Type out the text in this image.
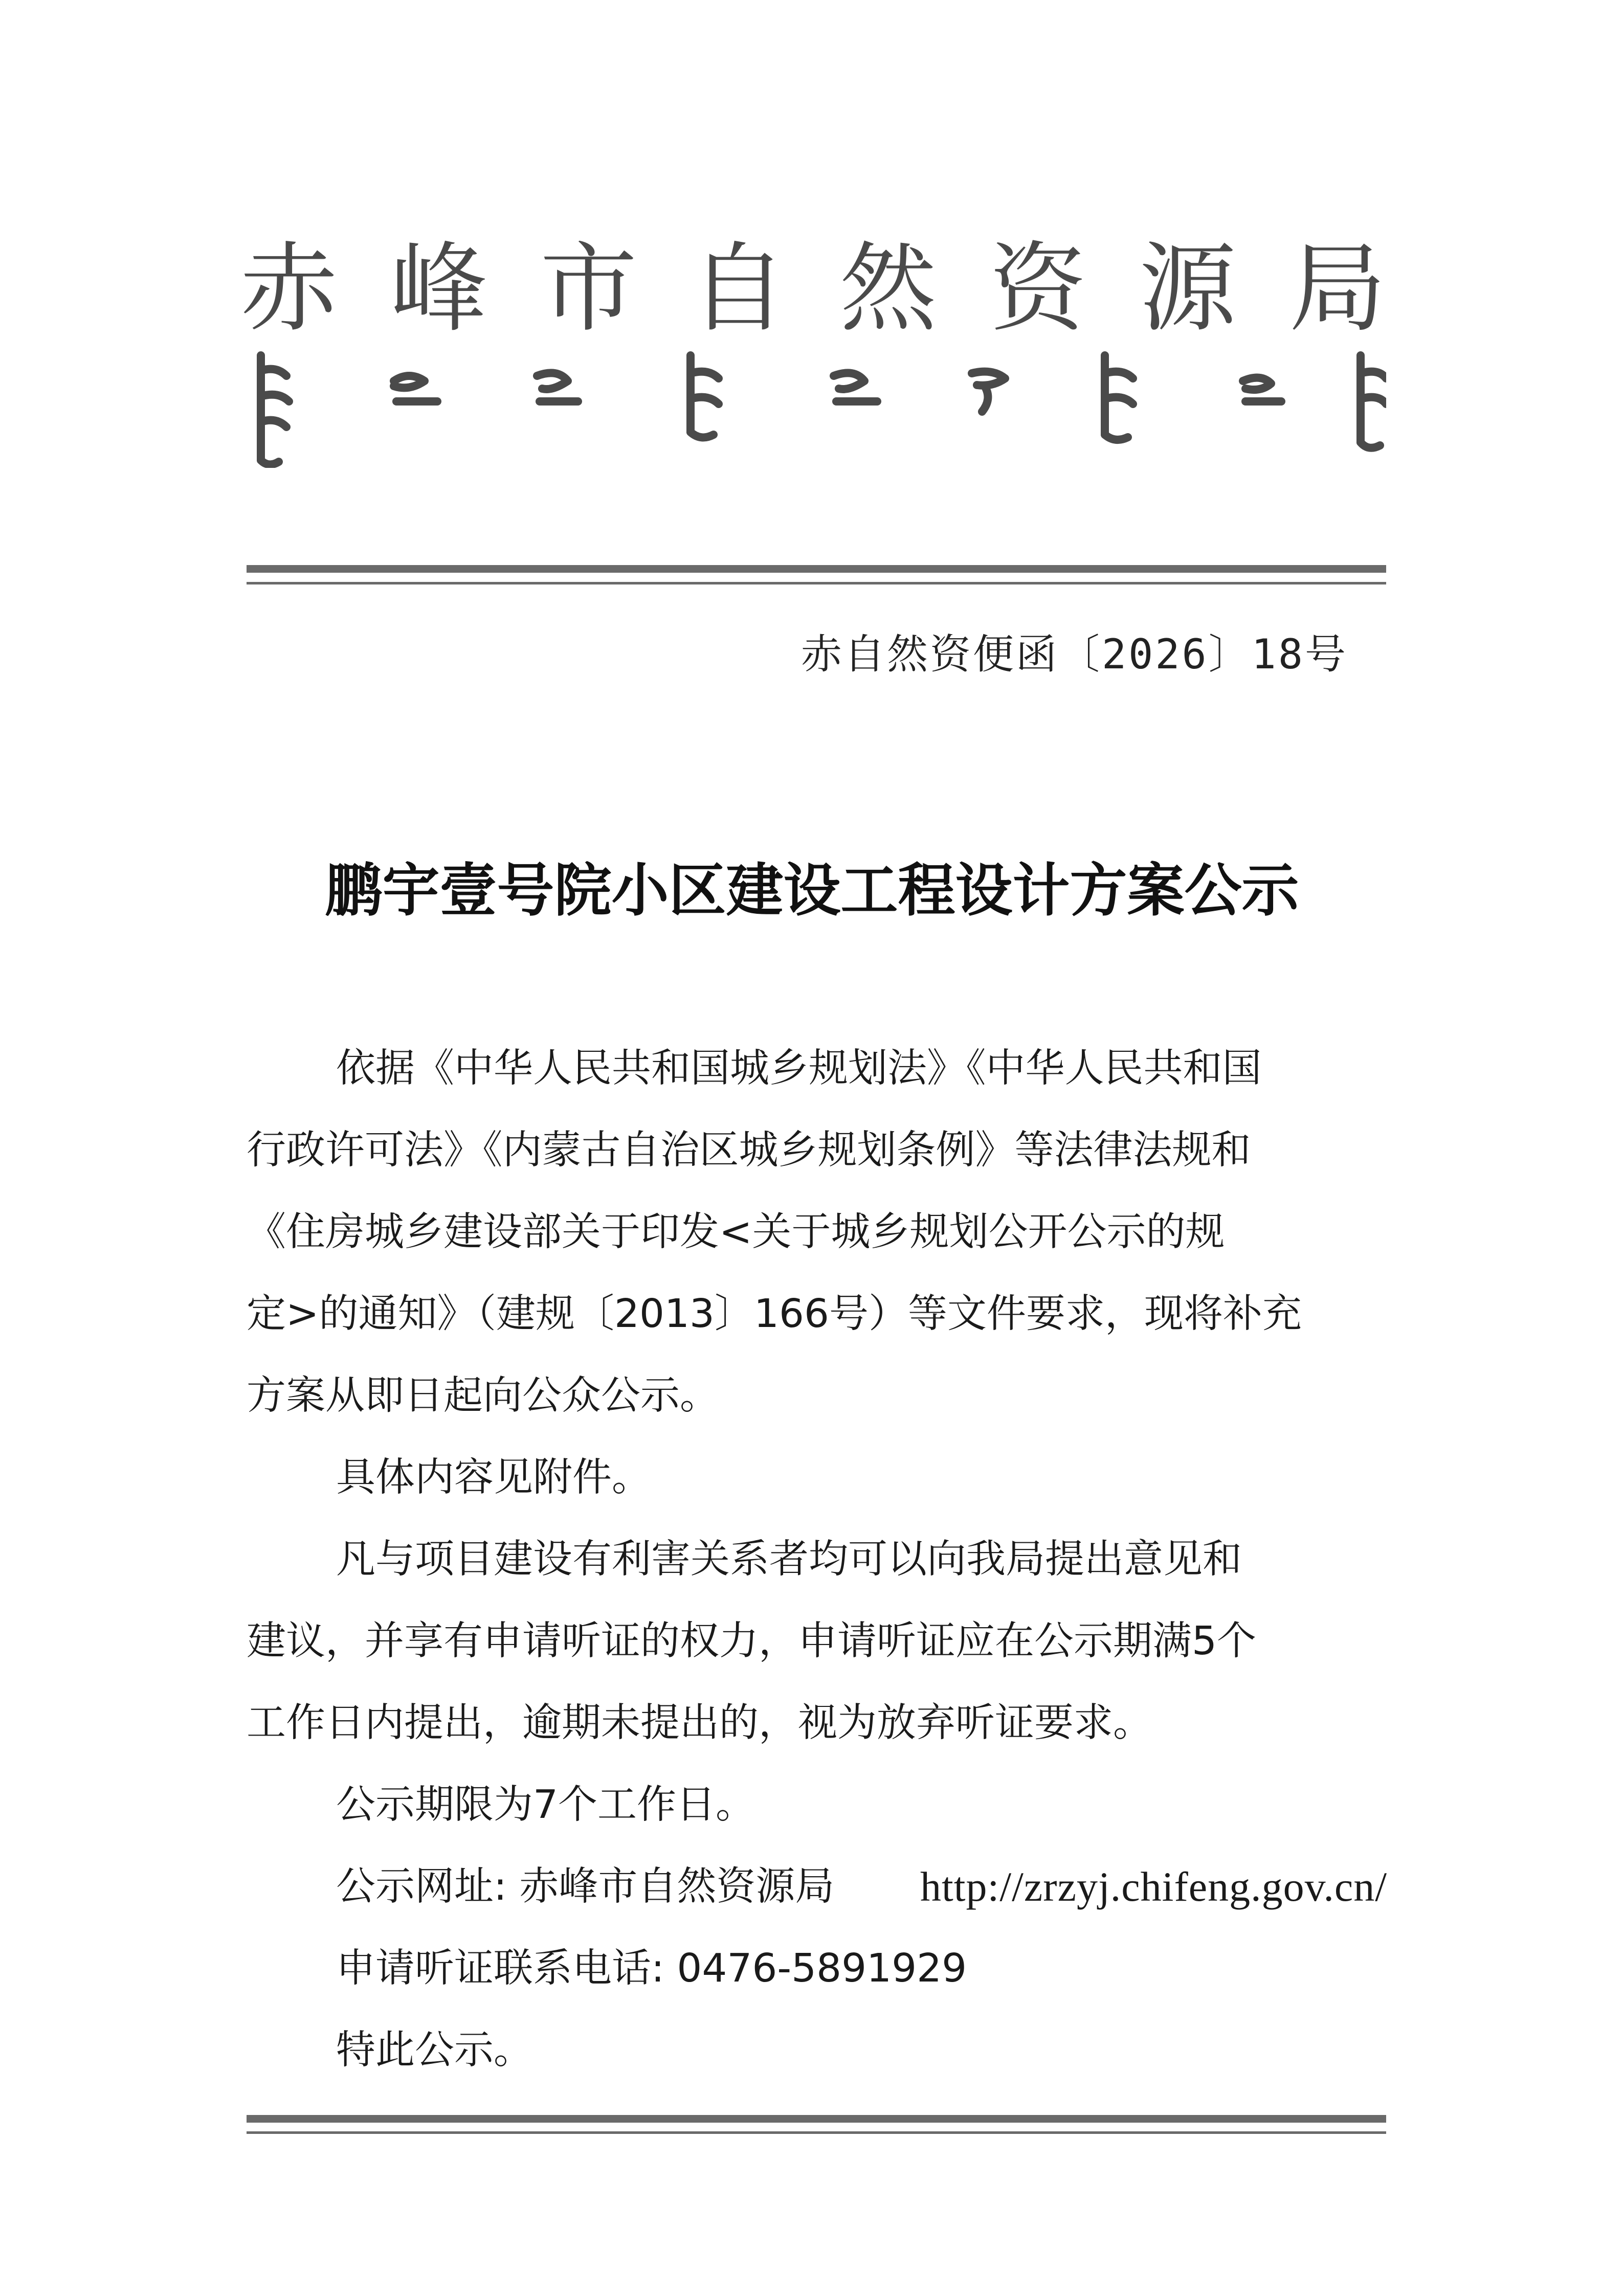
赤 峰 市 自 然 资 源 局
赤自然资便函〔2026〕18号
鹏宇壹号院小区建设工程设计方案公示
依据《中华人民共和国城乡规划法》《中华人民共和国
行政许可法》《内蒙古自治区城乡规划条例》等法律法规和
《住房城乡建设部关于印发<关于城乡规划公开公示的规
定>的通知》（建规〔2013〕166号）等文件要求，现将补充
方案从即日起向公众公示。
具体内容见附件。
凡与项目建设有利害关系者均可以向我局提出意见和
建议，并享有申请听证的权力，申请听证应在公示期满5个
工作日内提出，逾期未提出的，视为放弃听证要求。
公示期限为7个工作日。
公示网址: 赤峰市自然资源局 http://zrzyj.chifeng.gov.cn/
申请听证联系电话: 0476-5891929
特此公示。
